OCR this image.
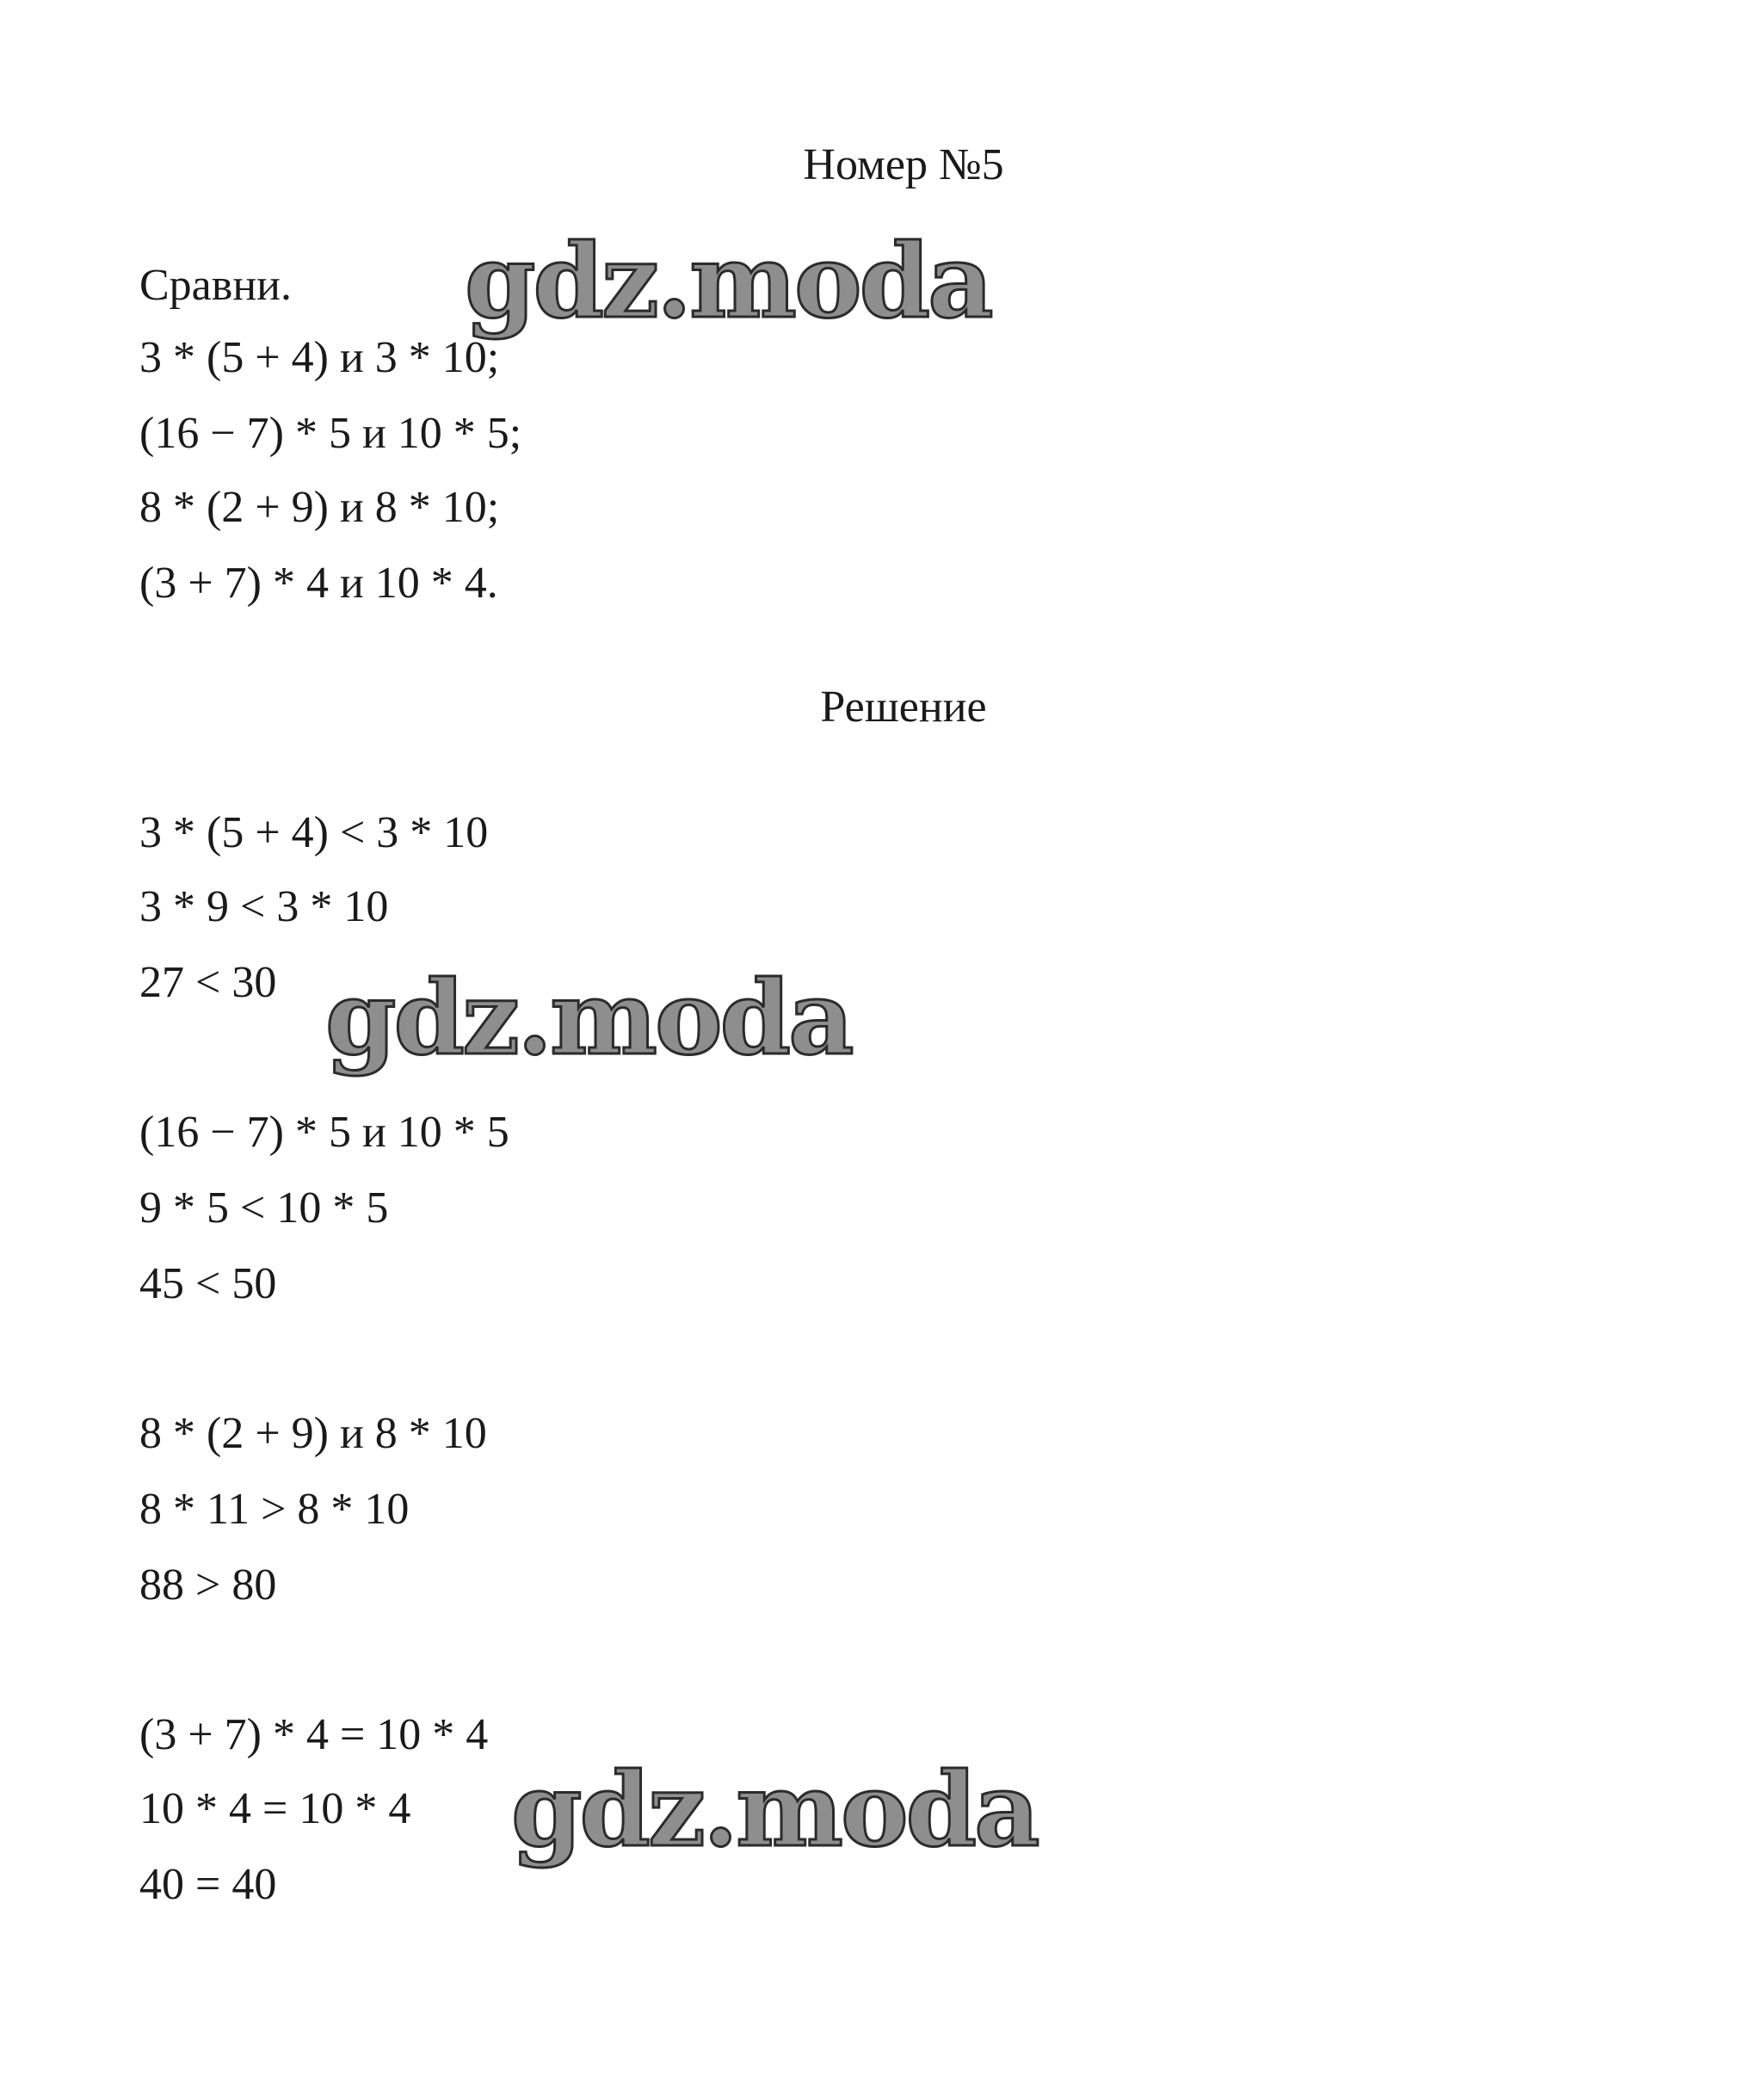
Номер №5
Сравни.
3 * (5 + 4) и 3 * 10;
(16 − 7) * 5 и 10 * 5;
8 * (2 + 9) и 8 * 10;
(3 + 7) * 4 и 10 * 4.
Решение
3 * (5 + 4) < 3 * 10
3 * 9 < 3 * 10
27 < 30
(16 − 7) * 5 и 10 * 5
9 * 5 < 10 * 5
45 < 50
8 * (2 + 9) и 8 * 10
8 * 11 > 8 * 10
88 > 80
(3 + 7) * 4 = 10 * 4
10 * 4 = 10 * 4
40 = 40
gdz.moda
gdz.moda
gdz.moda
